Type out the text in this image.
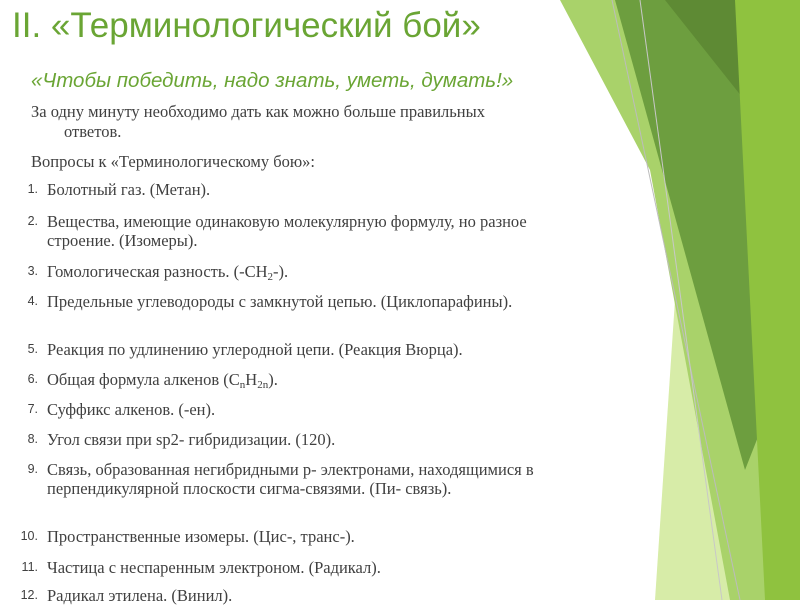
II. «Терминологический бой»
«Чтобы победить, надо знать, уметь, думать!»
За одну минуту необходимо дать как можно больше правильных ответов.
Вопросы к «Терминологическому бою»:
1. Болотный газ. (Метан).
2. Вещества, имеющие одинаковую молекулярную формулу, но разное строение. (Изомеры).
3. Гомологическая разность. $(-CH_2-)$.
4. Предельные углеводороды с замкнутой цепью. (Циклопарафины).
5. Реакция по удлинению углеродной цепи. (Реакция Вюрца).
6. Общая формула алкенов $(C_nH_{2n})$.
7. Суффикс алкенов. (-ен).
8. Угол связи при sp2- гибридизации. (120).
9. Связь, образованная негибридными р- электронами, находящимися в перпендикулярной плоскости сигма-связями. (Пи- связь).
10. Пространственные изомеры. (Цис-, транс-).
11. Частица с неспаренным электроном. (Радикал).
12. Радикал этилена. (Винил).
